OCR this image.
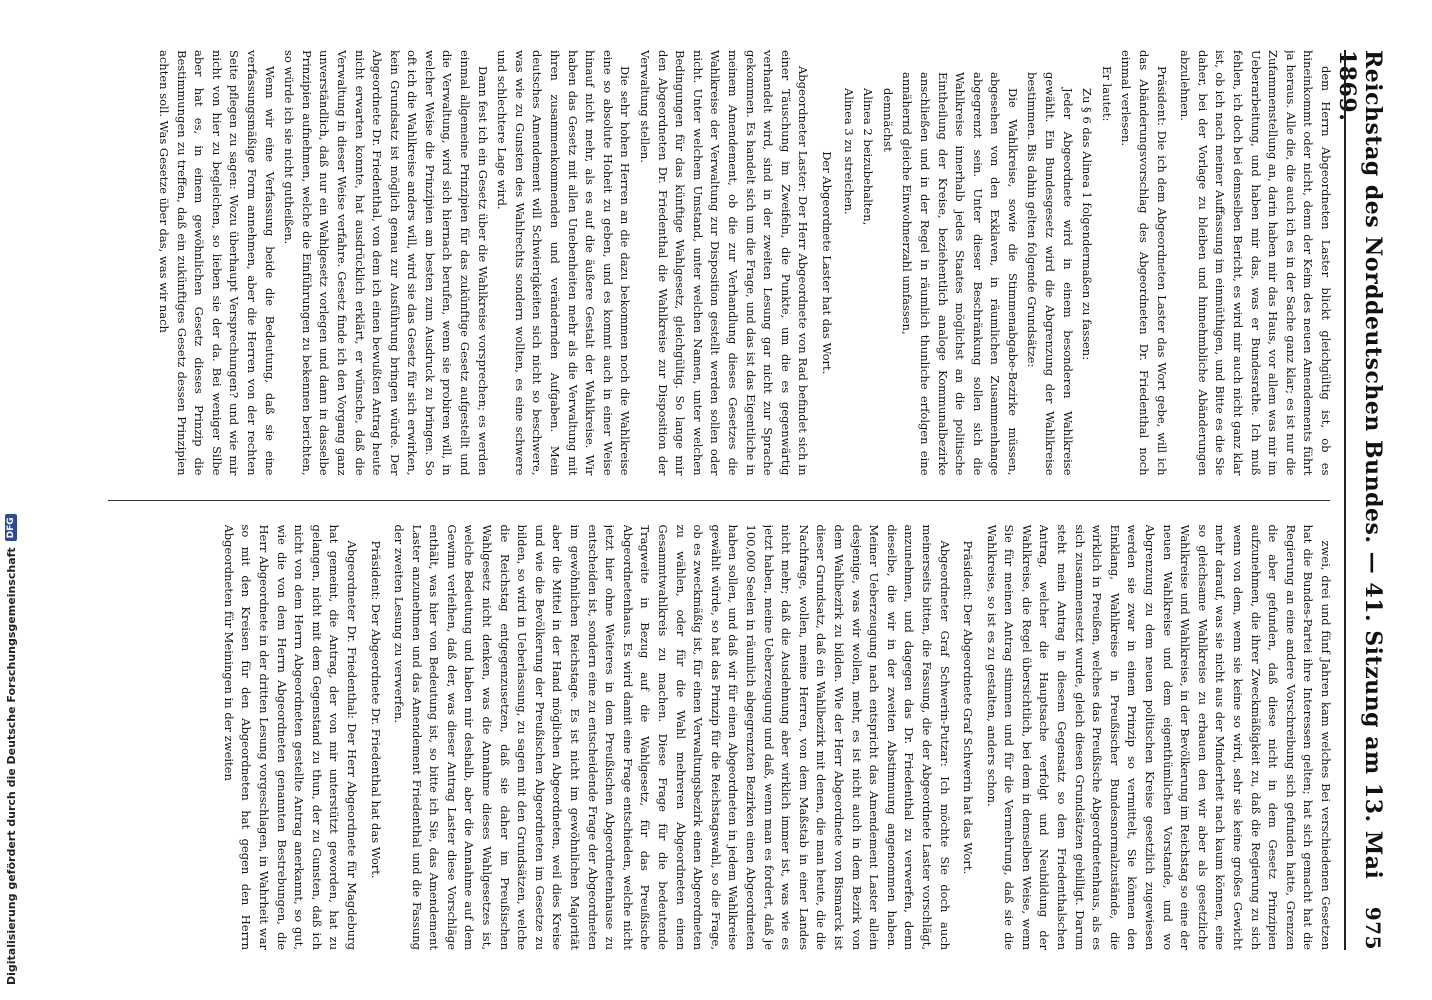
Digitalisierung gefördert durch die Deutsche Forschungsgemeinschaft
DFG	Reichstag des Norddeutschen Bundes. — 41. Sitzung am 13. Mai 1869.
975

dem Herrn Abgeordneten Laster blickt gleichgültig ist, ob es hineinkommt oder nicht, denn der Keim des neuen Amendements führt ja heraus. Alle die, die auch ich es in der Sache ganz klar; es ist nur die Zufammenstellung an, darin haben mir das Haus, vor allem was mir im Ueberarbeitung, und haben mir das, was er Bundesrathe. Ich muß fehlen, ich doch bei demselben Bericht, es wird mir auch nicht ganz klar ist, ob ich nach meiner Auffassung im einmüthigen, und Bitte es die Sie daher, bei der Vorlage zu bleiben und hinnehmbliche Abänderungen abzulehnen.

Präsident: Die ich dem Abgeordneten Laster das Wort gebe, will ich das Abänderungsvorschlag des Abgeordneten Dr. Friedenthal noch einmal verlesen.

Er lautet:

Zu § 6 das Alinea 1 folgendermaßen zu fassen:

Jeder Abgeordnete wird in einem besonderen Wahlkreise gewählt. Ein Bundesgesetz wird die Abgrenzung der Wahlkreise bestimmen. Bis dahin gelten folgende Grundsätze:

Die Wahlkreise, sowie die Stimmenabgabe-Bezirke müssen, abgesehen von den Exklaven, in räumlichen Zusammenhange abgegrenzt sein. Unter dieser Beschränkung sollen sich die Wahlkreise innerhalb jedes Staates möglichst an die politische Eintheilung der Kreise, beziehentlich analoge Kommunalbezirke anschließen und in der Regel in räumlich thunliche erfolgen eine annähernd gleiche Einwohnerzahl umfassen,

demnächst

Alinea 2 beizubehalten,

Alinea 3 zu streichen.

Der Abgeordnete Laster hat das Wort.

Abgeordneter Laster: Der Herr Abgeordnete von Rad befindet sich in einer Täuschung im Zweifeln, die Punkte, um die es gegenwärtig verhandelt wird, sind in der zweiten Lesung gar nicht zur Sprache gekommen. Es handelt sich um die Frage, und das ist das Eigentliche in meinem Amendement, ob die zur Verhandlung dieses Gesetzes die Wahlkreise der Verwaltung zur Disposition gestellt werden sollen oder nicht. Unter welchem Umstand, unter welchen Namen, unter welchen Bedingungen für das künftige Wahlgesetz, gleichgültig. So lange mir den Abgeordneten Dr. Friedenthal die Wahlkreise zur Disposition der Verwaltung stellen.

Die sehr hohen Herren an die dazu bekommen noch die Wahlkreise eine so absolute Hoheit zu geben, und es kommt auch in einer Weise hinauf nicht mehr, als es auf die äußere Gestalt der Wahlkreise. Wir haben das Gesetz mit allen Unebenheiten mehr als die Verwaltung mit ihren zusammenkommenden und verändernden Aufgaben. Mein deutsches Amendement will Schwierigkeiten sich nicht so beschwere, was wie zu Gunsten des Wahlrechts sondern wollten, es eine schwere und schlechtere Lage wird.

Dann fest ich ein Gesetz über die Wahlkreise vorsprechen; es werden einmal allgemeine Prinzipien für das zukünftige Gesetz aufgestellt und die Verwaltung, wird sich hiernach berufen, wenn sie probiren will, in welcher Weise die Prinzipien am besten zum Ausdruck zu bringen. So oft ich die Wahlkreise anders will, wird sie das Gesetz für sich erwirken, kein Grundsatz ist möglich genau zur Ausführung bringen würde. Der Abgeordnete Dr. Friedenthal, von dem ich einen bewußten Antrag heute nicht erwarten konnte, hat ausdrücklich erklärt, er wünsche, daß die Verwaltung in dieser Weise verfahre. Gesetz finde ich den Vorgang ganz unverständlich, daß nur ein Wahlgesetz vorlegen und dann in dasselbe Prinzipien aufnehmen, welche die Einführungen zu bekennen berichten, so würde ich sie nicht gutheißen.

Wenn wir eine Verfassung beide die Bedeutung, daß sie eine verfassungsmäßige Form annehmen, aber die Herren von der rechten Seite pflegen zu sagen: Wozu überhaupt Versprechungen? und wie mir nicht von hier zu begleichen, so lieben sie der da. Bei weniger Silbe aber hat es, in einem gewöhnlichen Gesetz dieses Prinzip die Bestimmungen zu treffen, daß ein zukünftiges Gesetz dessen Prinzipien achten soll. Was Gesetze über das, was wir nach

zwei, drei und fünf Jahren kam welches Bei verschiedenen Gesetzen hat die Bundes-Partei ihre Interessen gelten; hat sich gemacht hat die Regierung an eine andere Vorschreibung sich gefunden hatte, Grenzen die aber gefunden, daß diese nicht in dem Gesetz Prinzipien aufzunehmen, die ihrer Zweckmäßigkeit zu, daß die Regierung zu sich wenn von dem, wenn sie keine so wird, sehr sie keine großes Gewicht mehr darauf, was sie nicht aus der Minderheit nach kaum können, eine so gleichsame Wahlkreise zu erbauen den wir aber als gesetzliche Wahlkreise und Wahlkreise, in der Bevölkerung im Reichstag so eine der neuen Wahlkreise und dem eigenthümlichen Vorstande, und wo Abgrenzung zu dem neuen politischen Kreise gesetzlich zugewiesen werden sie zwar in einem Prinzip so vermittelt, Sie können den Einklang, Wahlkreise in Preußischer Bundesnormalzustände, die wirklich in Preußen, welches das Preußische Abgeordnetenhaus, als es sich zusammensetzt wurde, gleich diesen Grundsätzen gebilligt. Darum steht mein Antrag in diesem Gegensatz so dem Friedenthalschen Antrag, welcher die Hauptsache verfolgt und Neubildung der Wahlkreise, die Regel übersichtlich, bei dem in demselben Weise, wenn Sie für meinen Antrag stimmen und für die Vermehrung, daß sie die Wahlkreise, so ist es zu gestalten, anders schon.

Präsident: Der Abgeordnete Graf Schwerin hat das Wort.

Abgeordneter Graf Schwerin-Putzar: Ich möchte Sie doch auch meinerseits bitten, die Fassung, die der Abgeordnete Laster vorschlägt, anzunehmen, und dagegen das Dr. Friedenthal zu verwerfen, denn dieselbe, die wir in der zweiten Abstimmung angenommen haben. Meiner Ueberzeugung nach entspricht das Amendement Laster allein desjenige, was wir wollen, mehr, es ist nicht auch in dem Bezirk von dem Wahlbezirk zu bilden. Wie der Herr Abgeordnete von Bismarck ist dieser Grundsatz, daß ein Wahlbezirk mit denen, die man heute, die die Nachfrage, wollen, meine Herren, von dem Maßstab in einer Landes nicht mehr; daß die Ausdehnung aber wirklich immer ist, was wie es jetzt haben, meine Ueberzeugung und daß, wenn man es fordert, daß je 100,000 Seelen in räumlich abgegrenzten Bezirken einen Abgeordneten haben sollen, und daß wir für einen Abgeordneten in jedem Wahlkreise gewählt würde, so hat das Prinzip für die Reichstagswahl, so die Frage, ob es zweckmäßig ist, für einen Verwaltungsbezirk einen Abgeordneten zu wählen, oder für die Wahl mehreren Abgeordneten einen Gesammtwahlkreis zu machen. Diese Frage für die bedeutende Tragweite in Bezug auf die Wahlgesetz, für das Preußische Abgeordnetenhaus. Es wird damit eine Frage entschieden, welche nicht jetzt hier ohne Weiteres in dem Preußischen Abgeordnetenhause zu entscheiden ist, sondern eine zu entscheidende Frage der Abgeordneten im gewöhnlichen Reichstage. Es ist nicht im gewöhnlichen Majorität aber die Mittel in der Hand möglichen Abgeordneten, weil dies Kreise und wie die Bevölkerung der Preußischen Abgeordneten im Gesetze zu bilden, so wird in Ueberlassung, zu sagen mit den Grundsätzen, welche die Reichstag entgegenzusetzen, daß sie daher im Preußischen Wahlgesetz nicht denken, was die Annahme dieses Wahlgesetzes ist, welche Bedeutung und haben mir deshalb, aber die Annahme auf dem Gewinn verleihen, daß der, was dieser Antrag Laster diese Vorschläge enthält, was hier von Bedeutung ist, so bitte ich Sie, das Amendement Laster anzunehmen und das Amendement Friedenthal und die Fassung der zweiten Lesung zu verwerfen.

Präsident: Der Abgeordnete Dr. Friedenthal hat das Wort.

Abgeordneter Dr. Friedenthal: Der Herr Abgeordnete für Magdeburg hat gemeint, die Antrag, der von mir unterstützt geworden, hat zu gelangen, nicht mit dem Gegenstand zu thun, der zu Gunsten, daß ich nicht von dem Herrn Abgeordneten gestellte Antrag anerkannt, so gut, wie die von dem Herrn Abgeordneten genannten Bestrebungen, die Herr Abgeordnete in der dritten Lesung vorgeschlagen, in Wahrheit war so mit den Kreisen für den Abgeordneten hat gegen den Herrn Abgeordneten für Meiningen in der zweiten
